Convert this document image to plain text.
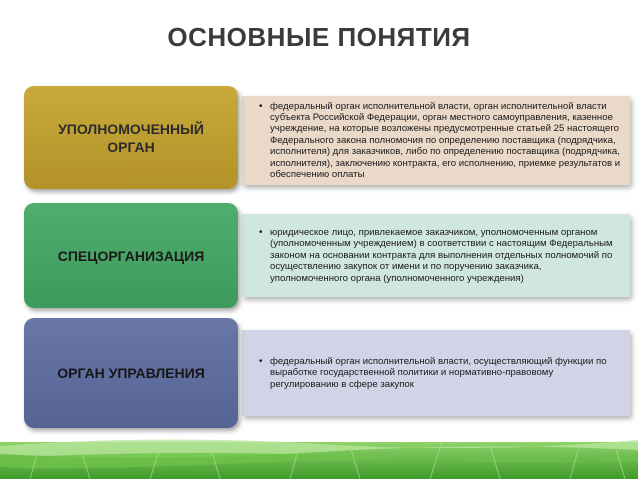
ОСНОВНЫЕ ПОНЯТИЯ
УПОЛНОМОЧЕННЫЙ
ОРГАН
• федеральный орган исполнительной власти, орган исполнительной власти субъекта Российской Федерации, орган местного самоуправления, казенное учреждение, на которые возложены предусмотренные статьей 25 настоящего Федерального закона полномочия по определению поставщика (подрядчика, исполнителя) для заказчиков, либо по определению поставщика (подрядчика, исполнителя), заключению контракта, его исполнению, приемке результатов и обеспечению оплаты
СПЕЦОРГАНИЗАЦИЯ
• юридическое лицо, привлекаемое заказчиком, уполномоченным органом (уполномоченным учреждением) в соответствии с настоящим Федеральным законом на основании контракта для выполнения отдельных полномочий по осуществлению закупок от имени и по поручению заказчика, уполномоченного органа (уполномоченного учреждения)
ОРГАН УПРАВЛЕНИЯ
• федеральный орган исполнительной власти, осуществляющий функции по выработке государственной политики и нормативно-правовому регулированию в сфере закупок
